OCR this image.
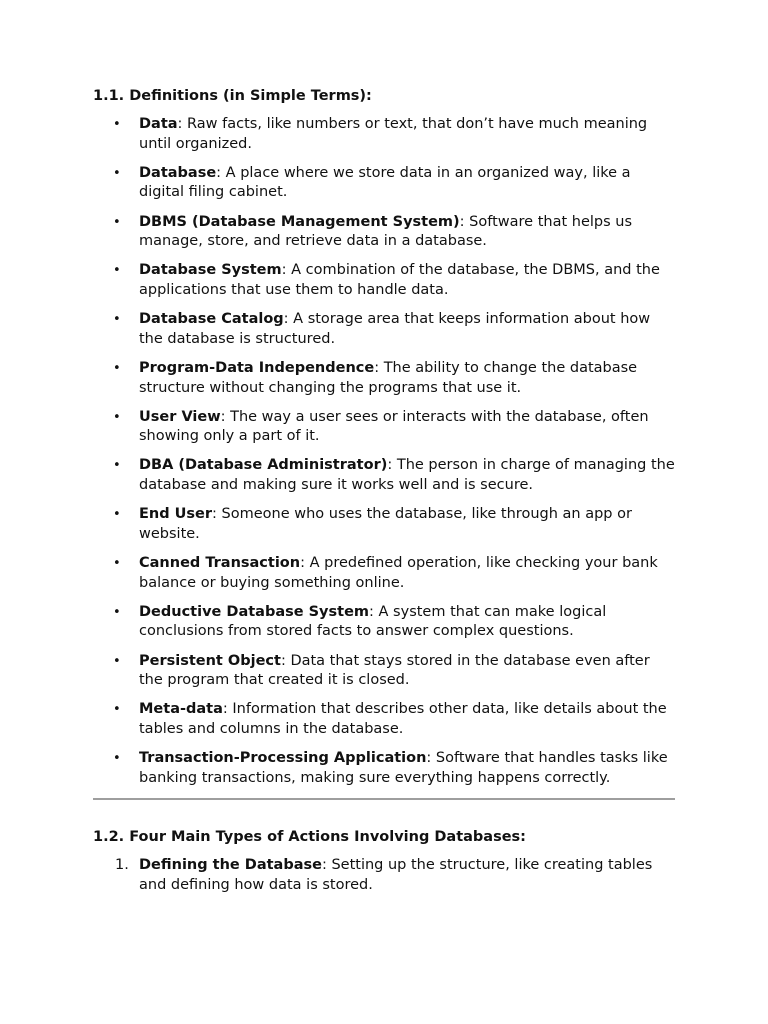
1.1. Definitions (in Simple Terms):
• Data: Raw facts, like numbers or text, that don’t have much meaning until organized.
• Database: A place where we store data in an organized way, like a digital filing cabinet.
• DBMS (Database Management System): Software that helps us manage, store, and retrieve data in a database.
• Database System: A combination of the database, the DBMS, and the applications that use them to handle data.
• Database Catalog: A storage area that keeps information about how the database is structured.
• Program-Data Independence: The ability to change the database structure without changing the programs that use it.
• User View: The way a user sees or interacts with the database, often showing only a part of it.
• DBA (Database Administrator): The person in charge of managing the database and making sure it works well and is secure.
• End User: Someone who uses the database, like through an app or website.
• Canned Transaction: A predefined operation, like checking your bank balance or buying something online.
• Deductive Database System: A system that can make logical conclusions from stored facts to answer complex questions.
• Persistent Object: Data that stays stored in the database even after the program that created it is closed.
• Meta-data: Information that describes other data, like details about the tables and columns in the database.
• Transaction-Processing Application: Software that handles tasks like banking transactions, making sure everything happens correctly.
1.2. Four Main Types of Actions Involving Databases:
1. Defining the Database: Setting up the structure, like creating tables and defining how data is stored.
